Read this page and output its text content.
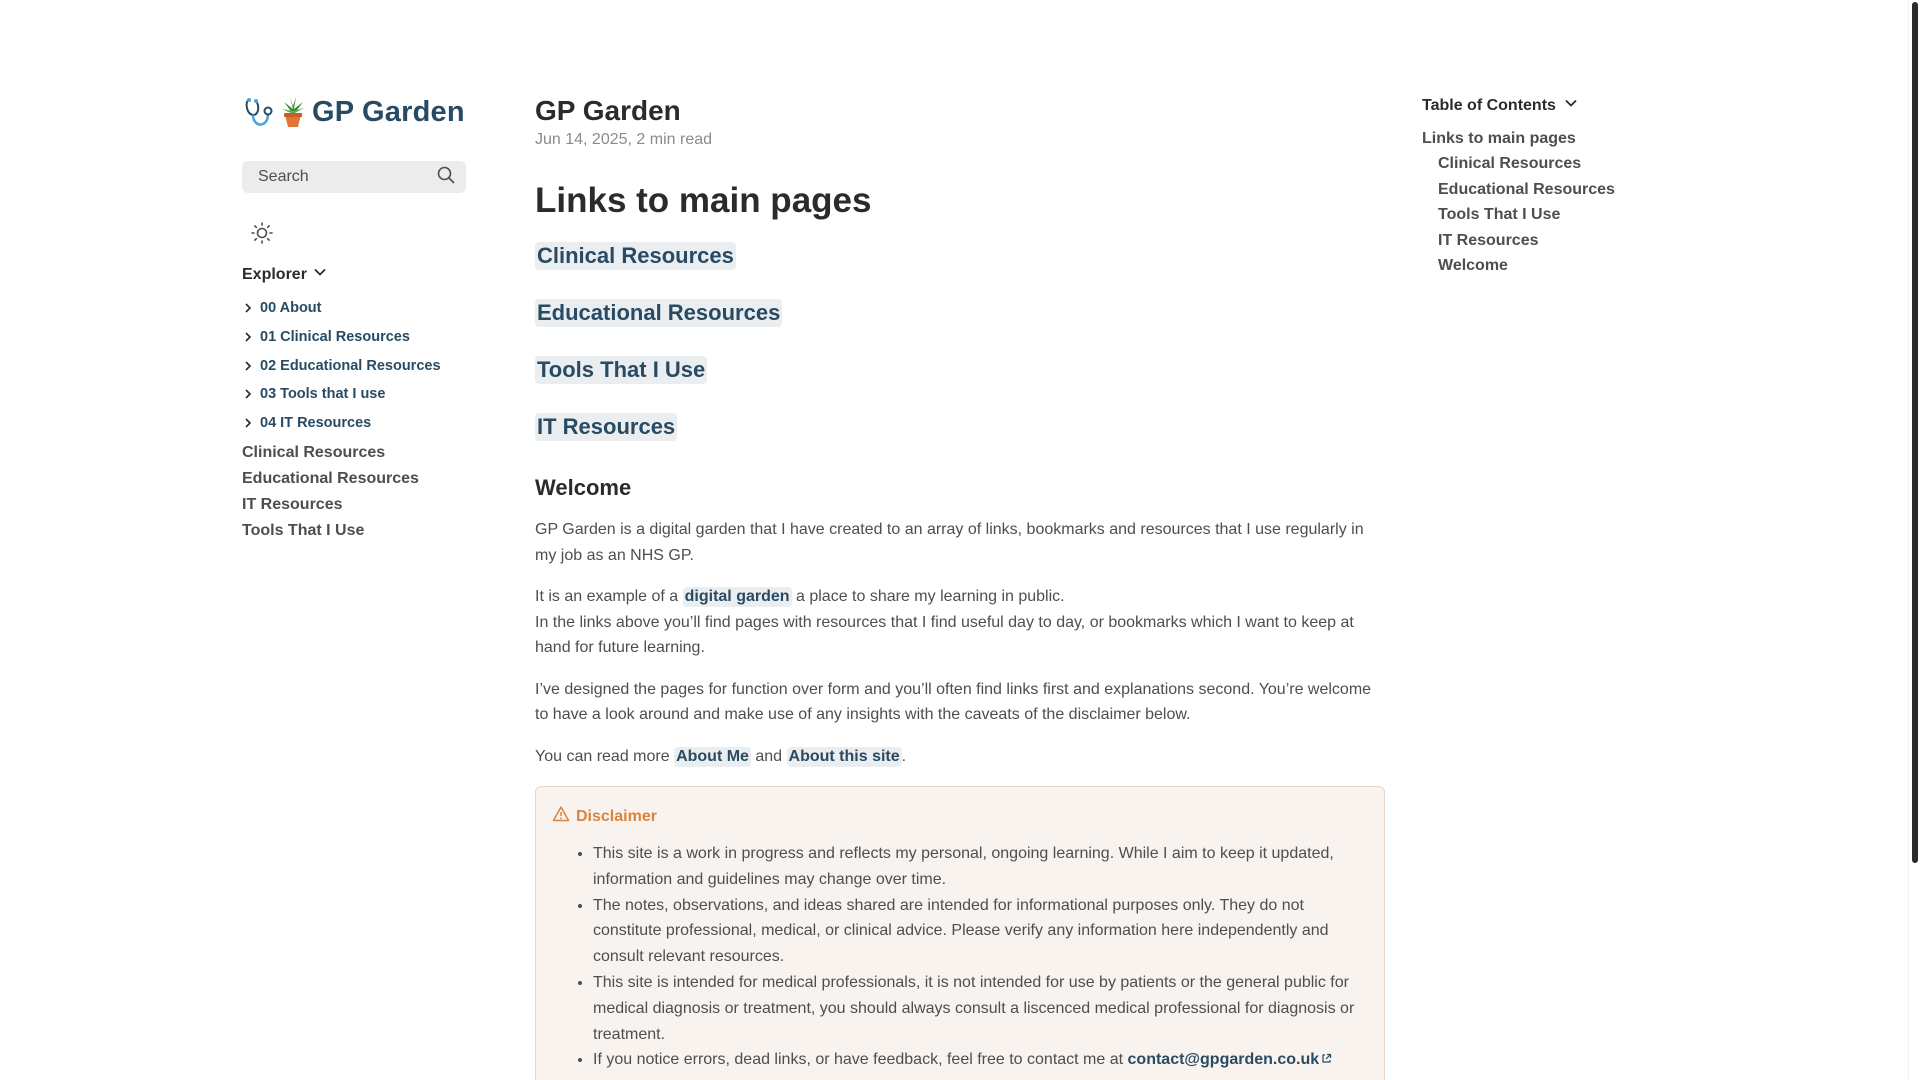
GP Garden
Search
Explorer
00 About
01 Clinical Resources
02 Educational Resources
03 Tools that I use
04 IT Resources
Clinical Resources
Educational Resources
IT Resources
Tools That I Use
GP Garden
Jun 14, 2025, 2 min read
Links to main pages
Clinical Resources
Educational Resources
Tools That I Use
IT Resources
Welcome

GP Garden is a digital garden that I have created to an array of links, bookmarks and resources that I use regularly in my job as an NHS GP.

It is an example of a digital garden a place to share my learning in public.
In the links above you’ll find pages with resources that I find useful day to day, or bookmarks which I want to keep at hand for future learning.

I’ve designed the pages for function over form and you’ll often find links first and explanations second. You’re welcome to have a look around and make use of any insights with the caveats of the disclaimer below.

You can read more About Me and About this site .

Disclaimer
• This site is a work in progress and reflects my personal, ongoing learning. While I aim to keep it updated, information and guidelines may change over time.
• The notes, observations, and ideas shared are intended for informational purposes only. They do not constitute professional, medical, or clinical advice. Please verify any information here independently and consult relevant resources.
• This site is intended for medical professionals, it is not intended for use by patients or the general public for medical diagnosis or treatment, you should always consult a liscenced medical professional for diagnosis or treatment.
• If you notice errors, dead links, or have feedback, feel free to contact me at contact@gpgarden.co.uk
Table of Contents
Links to main pages
Clinical Resources
Educational Resources
Tools That I Use
IT Resources
Welcome
